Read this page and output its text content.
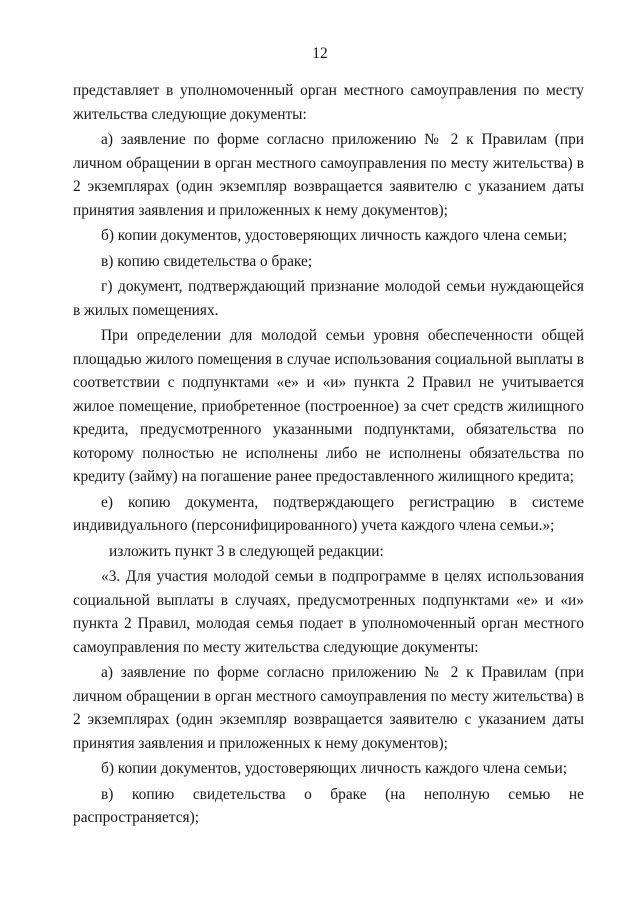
12

представляет в уполномоченный орган местного самоуправления по месту жительства следующие документы:

а) заявление по форме согласно приложению № 2 к Правилам (при личном обращении в орган местного самоуправления по месту жительства) в 2 экземплярах (один экземпляр возвращается заявителю с указанием даты принятия заявления и приложенных к нему документов);

б) копии документов, удостоверяющих личность каждого члена семьи;

в) копию свидетельства о браке;

г) документ, подтверждающий признание молодой семьи нуждающейся в жилых помещениях.

При определении для молодой семьи уровня обеспеченности общей площадью жилого помещения в случае использования социальной выплаты в соответствии с подпунктами «е» и «и» пункта 2 Правил не учитывается жилое помещение, приобретенное (построенное) за счет средств жилищного кредита, предусмотренного указанными подпунктами, обязательства по которому полностью не исполнены либо не исполнены обязательства по кредиту (займу) на погашение ранее предоставленного жилищного кредита;

е) копию документа, подтверждающего регистрацию в системе индивидуального (персонифицированного) учета каждого члена семьи.»;

изложить пункт 3 в следующей редакции:

«3. Для участия молодой семьи в подпрограмме в целях использования социальной выплаты в случаях, предусмотренных подпунктами «е» и «и» пункта 2 Правил, молодая семья подает в уполномоченный орган местного самоуправления по месту жительства следующие документы:

а) заявление по форме согласно приложению № 2 к Правилам (при личном обращении в орган местного самоуправления по месту жительства) в 2 экземплярах (один экземпляр возвращается заявителю с указанием даты принятия заявления и приложенных к нему документов);

б) копии документов, удостоверяющих личность каждого члена семьи;

в) копию свидетельства о браке (на неполную семью не распространяется);
